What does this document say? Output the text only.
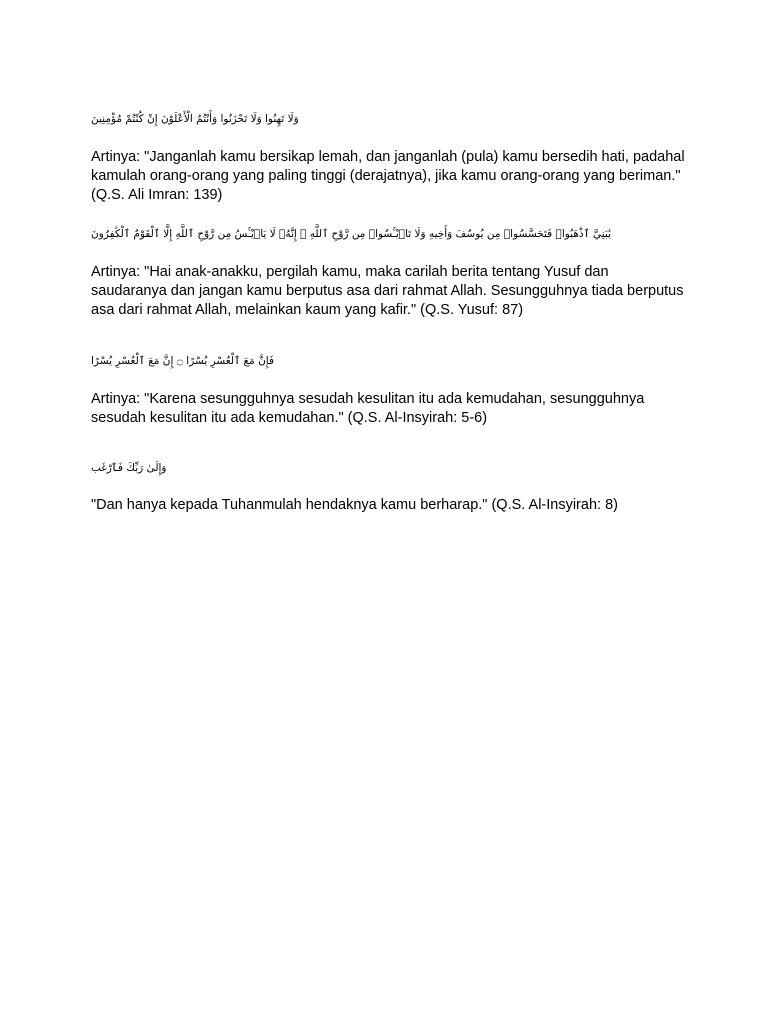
وَلَا تَهِنُوا وَلَا تَحْزَنُوا وَأَنْتُمُ الْأَعْلَوْنَ إِنْ كُنْتُمْ مُؤْمِنِينَ

Artinya: "Janganlah kamu bersikap lemah, dan janganlah (pula) kamu bersedih hati, padahal kamulah orang-orang yang paling tinggi (derajatnya), jika kamu orang-orang yang beriman." (Q.S. Ali Imran: 139)

يَٰبَنِيَّ ٱذْهَبُوا۟ فَتَحَسَّسُوا۟ مِن يُوسُفَ وَأَخِيهِ وَلَا تَا۟يْـَٔسُوا۟ مِن رَّوْحِ ٱللَّهِ ۖ إِنَّهُۥ لَا يَا۟يْـَٔسُ مِن رَّوْحِ ٱللَّهِ إِلَّا ٱلْقَوْمُ ٱلْكَٰفِرُونَ

Artinya: "Hai anak-anakku, pergilah kamu, maka carilah berita tentang Yusuf dan saudaranya dan jangan kamu berputus asa dari rahmat Allah. Sesungguhnya tiada berputus asa dari rahmat Allah, melainkan kaum yang kafir." (Q.S. Yusuf: 87)

فَإِنَّ مَعَ ٱلْعُسْرِ يُسْرًا ۝ إِنَّ مَعَ ٱلْعُسْرِ يُسْرًا

Artinya: "Karena sesungguhnya sesudah kesulitan itu ada kemudahan, sesungguhnya sesudah kesulitan itu ada kemudahan." (Q.S. Al-Insyirah: 5-6)

وَإِلَىٰ رَبِّكَ فَٱرْغَب

"Dan hanya kepada Tuhanmulah hendaknya kamu berharap." (Q.S. Al-Insyirah: 8)
